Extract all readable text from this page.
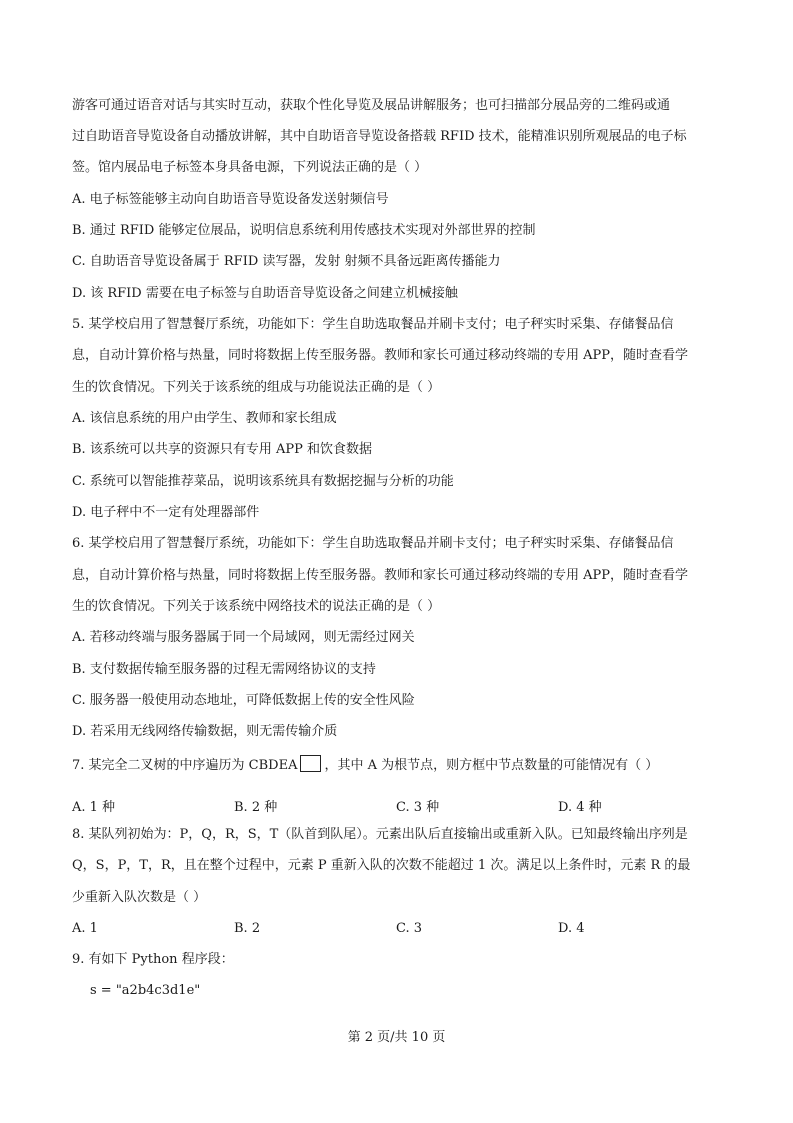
游客可通过语音对话与其实时互动，获取个性化导览及展品讲解服务；也可扫描部分展品旁的二维码或通
过自助语音导览设备自动播放讲解，其中自助语音导览设备搭载 RFID 技术，能精准识别所观展品的电子标
签。馆内展品电子标签本身具备电源，下列说法正确的是（ ）
A. 电子标签能够主动向自助语音导览设备发送射频信号
B. 通过 RFID 能够定位展品，说明信息系统利用传感技术实现对外部世界的控制
C. 自助语音导览设备属于 RFID 读写器，发射 射频不具备远距离传播能力
D. 该 RFID 需要在电子标签与自助语音导览设备之间建立机械接触
5. 某学校启用了智慧餐厅系统，功能如下：学生自助选取餐品并刷卡支付；电子秤实时采集、存储餐品信
息，自动计算价格与热量，同时将数据上传至服务器。教师和家长可通过移动终端的专用 APP，随时查看学
生的饮食情况。下列关于该系统的组成与功能说法正确的是（ ）
A. 该信息系统的用户由学生、教师和家长组成
B. 该系统可以共享的资源只有专用 APP 和饮食数据
C. 系统可以智能推荐菜品，说明该系统具有数据挖掘与分析的功能
D. 电子秤中不一定有处理器部件
6. 某学校启用了智慧餐厅系统，功能如下：学生自助选取餐品并刷卡支付；电子秤实时采集、存储餐品信
息，自动计算价格与热量，同时将数据上传至服务器。教师和家长可通过移动终端的专用 APP，随时查看学
生的饮食情况。下列关于该系统中网络技术的说法正确的是（ ）
A. 若移动终端与服务器属于同一个局域网，则无需经过网关
B. 支付数据传输至服务器的过程无需网络协议的支持
C. 服务器一般使用动态地址，可降低数据上传的安全性风险
D. 若采用无线网络传输数据，则无需传输介质
7. 某完全二叉树的中序遍历为 CBDEA ，其中 A 为根节点，则方框中节点数量的可能情况有（ ）
A. 1 种	B. 2 种	C. 3 种	D. 4 种
8. 某队列初始为：P，Q，R，S，T（队首到队尾）。元素出队后直接输出或重新入队。已知最终输出序列是
Q，S，P，T，R，且在整个过程中，元素 P 重新入队的次数不能超过 1 次。满足以上条件时，元素 R 的最
少重新入队次数是（ ）
A. 1	B. 2	C. 3	D. 4
9. 有如下 Python 程序段：
s = "a2b4c3d1e"
第 2 页/共 10 页
